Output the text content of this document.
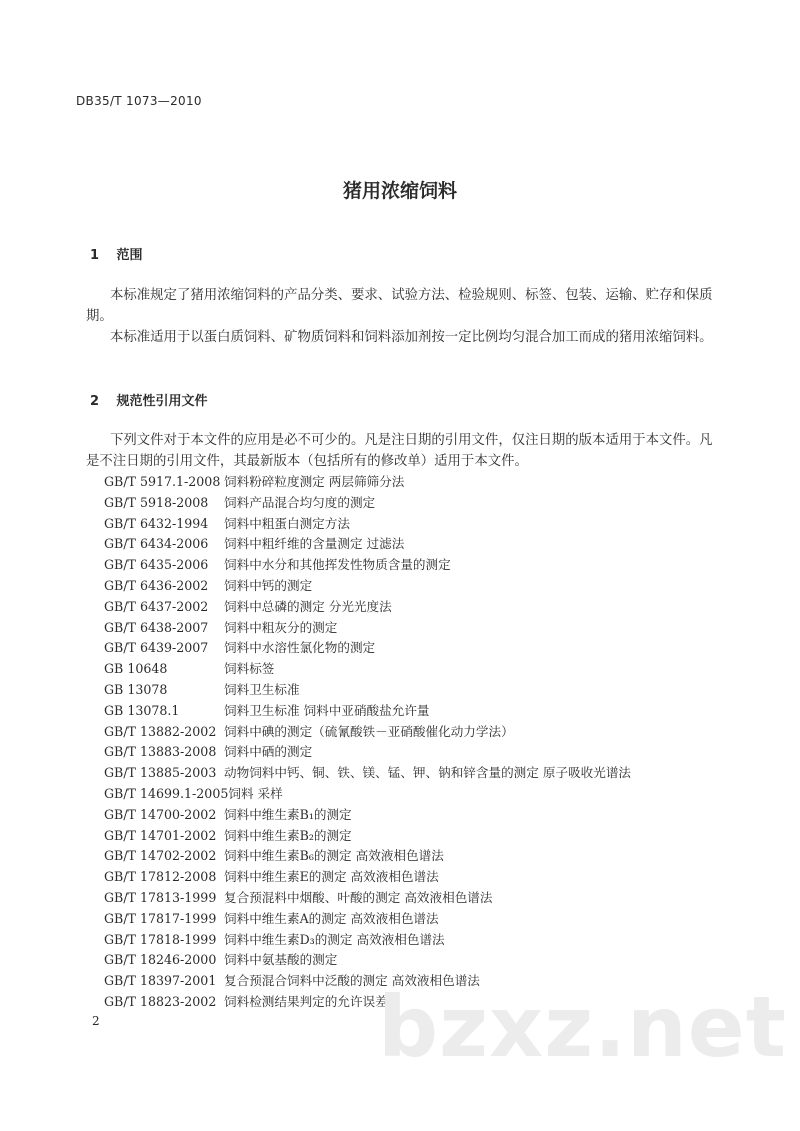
DB35/T 1073—2010
猪用浓缩饲料
1 范围
本标准规定了猪用浓缩饲料的产品分类、要求、试验方法、检验规则、标签、包装、运输、贮存和保质期。
本标准适用于以蛋白质饲料、矿物质饲料和饲料添加剂按一定比例均匀混合加工而成的猪用浓缩饲料。
2 规范性引用文件
下列文件对于本文件的应用是必不可少的。凡是注日期的引用文件，仅注日期的版本适用于本文件。凡是不注日期的引用文件，其最新版本（包括所有的修改单）适用于本文件。
GB/T 5917.1-2008 饲料粉碎粒度测定 两层筛筛分法
GB/T 5918-2008 饲料产品混合均匀度的测定
GB/T 6432-1994 饲料中粗蛋白测定方法
GB/T 6434-2006 饲料中粗纤维的含量测定 过滤法
GB/T 6435-2006 饲料中水分和其他挥发性物质含量的测定
GB/T 6436-2002 饲料中钙的测定
GB/T 6437-2002 饲料中总磷的测定 分光光度法
GB/T 6438-2007 饲料中粗灰分的测定
GB/T 6439-2007 饲料中水溶性氯化物的测定
GB 10648	饲料标签
GB 13078	饲料卫生标准
GB 13078.1	饲料卫生标准 饲料中亚硝酸盐允许量
GB/T 13882-2002 饲料中碘的测定（硫氰酸铁－亚硝酸催化动力学法）
GB/T 13883-2008 饲料中硒的测定
GB/T 13885-2003 动物饲料中钙、铜、铁、镁、锰、钾、钠和锌含量的测定 原子吸收光谱法
GB/T 14699.1-2005饲料 采样
GB/T 14700-2002 饲料中维生素B₁的测定
GB/T 14701-2002 饲料中维生素B₂的测定
GB/T 14702-2002 饲料中维生素B₆的测定 高效液相色谱法
GB/T 17812-2008 饲料中维生素E的测定 高效液相色谱法
GB/T 17813-1999 复合预混料中烟酸、叶酸的测定 高效液相色谱法
GB/T 17817-1999 饲料中维生素A的测定 高效液相色谱法
GB/T 17818-1999 饲料中维生素D₃的测定 高效液相色谱法
GB/T 18246-2000 饲料中氨基酸的测定
GB/T 18397-2001 复合预混合饲料中泛酸的测定 高效液相色谱法
GB/T 18823-2002 饲料检测结果判定的允许误差
2	bzxz.net
